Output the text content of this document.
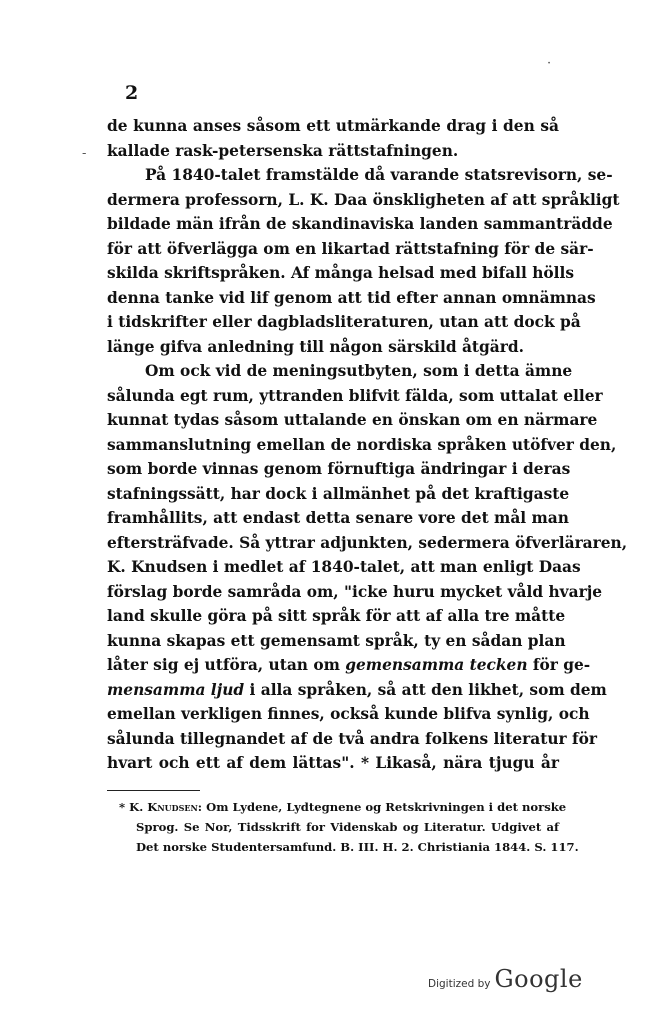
2
·
-
de kunna anses såsom ett utmärkande drag i den så
kallade rask-petersenska rättstafningen.
På 1840-talet framstälde då varande statsrevisorn, se-
dermera professorn, L. K. Daa önskligheten af att språkligt
bildade män ifrån de skandinaviska landen sammanträdde
för att öfverlägga om en likartad rättstafning för de sär-
skilda skriftspråken. Af många helsad med bifall hölls
denna tanke vid lif genom att tid efter annan omnämnas
i tidskrifter eller dagbladsliteraturen, utan att dock på
länge gifva anledning till någon särskild åtgärd.
Om ock vid de meningsutbyten, som i detta ämne
sålunda egt rum, yttranden blifvit fälda, som uttalat eller
kunnat tydas såsom uttalande en önskan om en närmare
sammanslutning emellan de nordiska språken utöfver den,
som borde vinnas genom förnuftiga ändringar i deras
stafningssätt, har dock i allmänhet på det kraftigaste
framhållits, att endast detta senare vore det mål man
eftersträfvade. Så yttrar adjunkten, sedermera öfverläraren,
K. Knudsen i medlet af 1840-talet, att man enligt Daas
förslag borde samråda om, "icke huru mycket våld hvarje
land skulle göra på sitt språk för att af alla tre måtte
kunna skapas ett gemensamt språk, ty en sådan plan
låter sig ej utföra, utan om gemensamma tecken för ge-
mensamma ljud i alla språken, så att den likhet, som dem
emellan verkligen finnes, också kunde blifva synlig, och
sålunda tillegnandet af de två andra folkens literatur för
hvart och ett af dem lättas". * Likaså, nära tjugu år
* K. Knudsen: Om Lydene, Lydtegnene og Retskrivningen i det norske
Sprog. Se Nor, Tidsskrift for Videnskab og Literatur. Udgivet af
Det norske Studentersamfund. B. III. H. 2. Christiania 1844. S. 117.
Digitized by Google
